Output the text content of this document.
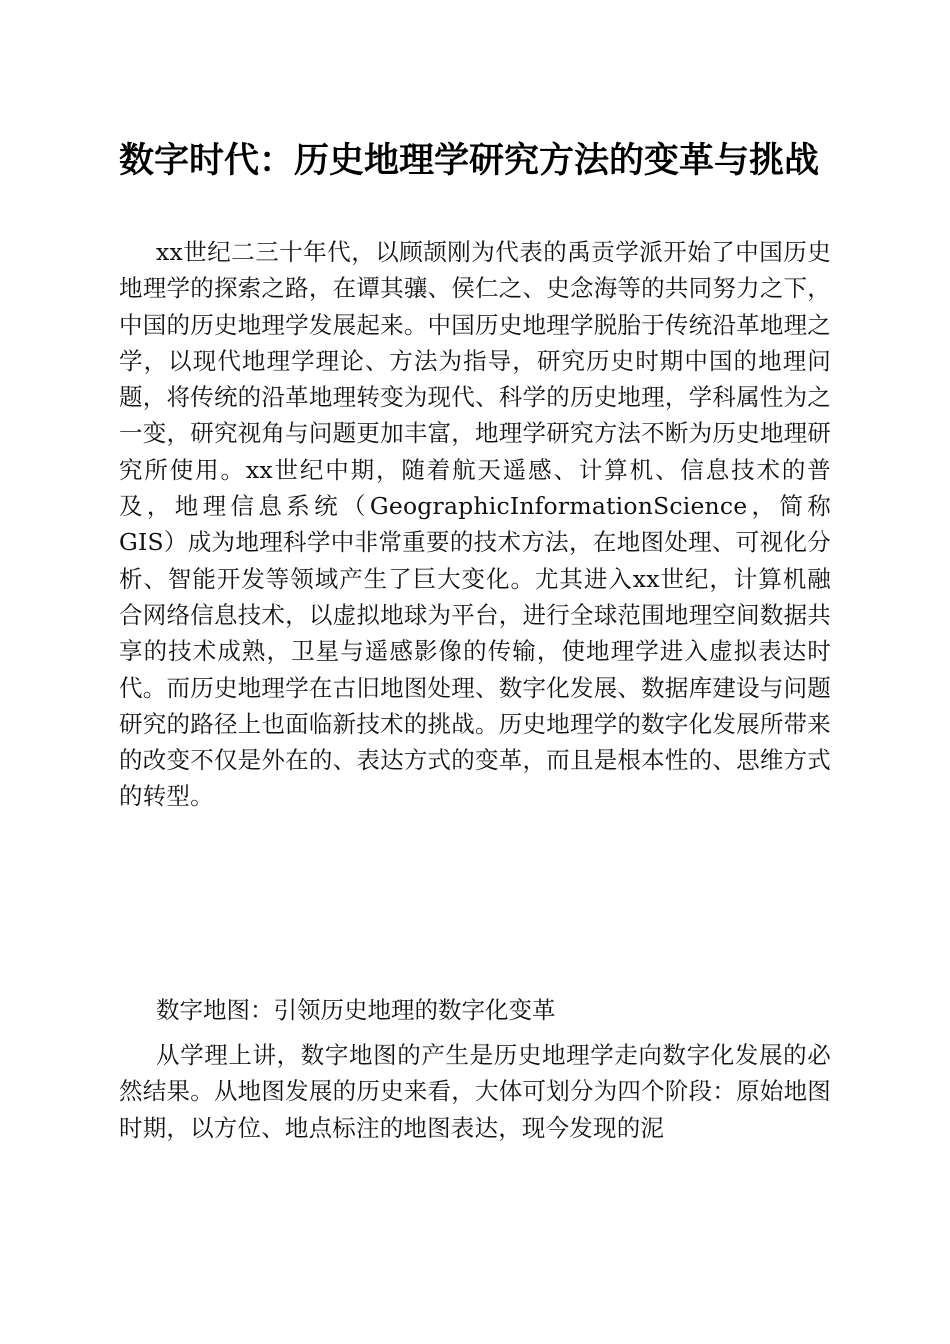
数字时代：历史地理学研究方法的变革与挑战

xx世纪二三十年代，以顾颉刚为代表的禹贡学派开始了中国历史地理学的探索之路，在谭其骧、侯仁之、史念海等的共同努力之下，中国的历史地理学发展起来。中国历史地理学脱胎于传统沿革地理之学，以现代地理学理论、方法为指导，研究历史时期中国的地理问题，将传统的沿革地理转变为现代、科学的历史地理，学科属性为之一变，研究视角与问题更加丰富，地理学研究方法不断为历史地理研究所使用。xx世纪中期，随着航天遥感、计算机、信息技术的普及，地理信息系统（GeographicInformationScience，简称GIS）成为地理科学中非常重要的技术方法，在地图处理、可视化分析、智能开发等领域产生了巨大变化。尤其进入xx世纪，计算机融合网络信息技术，以虚拟地球为平台，进行全球范围地理空间数据共享的技术成熟，卫星与遥感影像的传输，使地理学进入虚拟表达时代。而历史地理学在古旧地图处理、数字化发展、数据库建设与问题研究的路径上也面临新技术的挑战。历史地理学的数字化发展所带来的改变不仅是外在的、表达方式的变革，而且是根本性的、思维方式的转型。

数字地图：引领历史地理的数字化变革

从学理上讲，数字地图的产生是历史地理学走向数字化发展的必然结果。从地图发展的历史来看，大体可划分为四个阶段：原始地图时期，以方位、地点标注的地图表达，现今发现的泥
